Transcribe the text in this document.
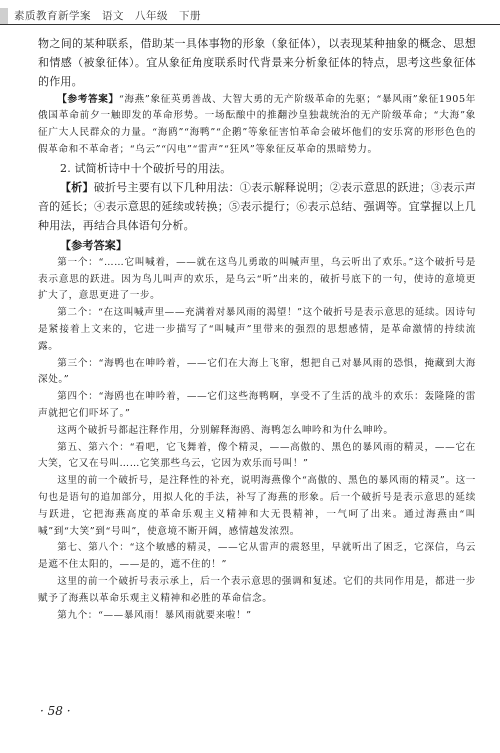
素质教育新学案　语文　八年级　下册

物之间的某种联系，借助某一具体事物的形象（象征体），以表现某种抽象的概念、思想和情感（被象征体）。宜从象征角度联系时代背景来分析象征体的特点，思考这些象征体的作用。

【参考答案】“海燕”象征英勇善战、大智大勇的无产阶级革命的先驱；“暴风雨”象征1905年俄国革命前夕一触即发的革命形势。一场酝酿中的推翻沙皇独裁统治的无产阶级革命；“大海”象征广大人民群众的力量。“海鸥”“海鸭”“企鹅”等象征害怕革命会破坏他们的安乐窝的形形色色的假革命和不革命者；“乌云”“闪电”“雷声”“狂风”等象征反革命的黑暗势力。

2. 试简析诗中十个破折号的用法。

【析】破折号主要有以下几种用法：①表示解释说明；②表示意思的跃进；③表示声音的延长；④表示意思的延续或转换；⑤表示提行；⑥表示总结、强调等。宜掌握以上几种用法，再结合具体语句分析。

【参考答案】

第一个：“……它叫喊着，——就在这鸟儿勇敢的叫喊声里，乌云听出了欢乐。”这个破折号是表示意思的跃进。因为鸟儿叫声的欢乐，是乌云“听”出来的，破折号底下的一句，使诗的意境更扩大了，意思更进了一步。

第二个：“在这叫喊声里——充满着对暴风雨的渴望！”这个破折号是表示意思的延续。因诗句是紧接着上文来的，它进一步描写了“叫喊声”里带来的强烈的思想感情，是革命激情的持续流露。

第三个：“海鸭也在呻吟着，——它们在大海上飞窜，想把自己对暴风雨的恐惧，掩藏到大海深处。”

第四个：“海鸥也在呻吟着，——它们这些海鸭啊，享受不了生活的战斗的欢乐：轰隆隆的雷声就把它们吓坏了。”

这两个破折号都起注释作用，分别解释海鸥、海鸭怎么呻吟和为什么呻吟。

第五、第六个：“看吧，它飞舞着，像个精灵，——高傲的、黑色的暴风雨的精灵，——它在大笑，它又在号叫……它笑那些乌云，它因为欢乐而号叫！”

这里的前一个破折号，是注释性的补充，说明海燕像个“高傲的、黑色的暴风雨的精灵”。这一句也是语句的追加部分，用拟人化的手法，补写了海燕的形象。后一个破折号是表示意思的延续与跃进，它把海燕高度的革命乐观主义精神和大无畏精神，一气呵了出来。通过海燕由“叫喊”到“大笑”到“号叫”，使意境不断开阔，感情越发浓烈。

第七、第八个：“这个敏感的精灵，——它从雷声的震怒里，早就听出了困乏，它深信，乌云是遮不住太阳的，——是的，遮不住的！”

这里的前一个破折号表示承上，后一个表示意思的强调和复述。它们的共同作用是，都进一步赋予了海燕以革命乐观主义精神和必胜的革命信念。

第九个：“——暴风雨！暴风雨就要来啦！”

· 58 ·
